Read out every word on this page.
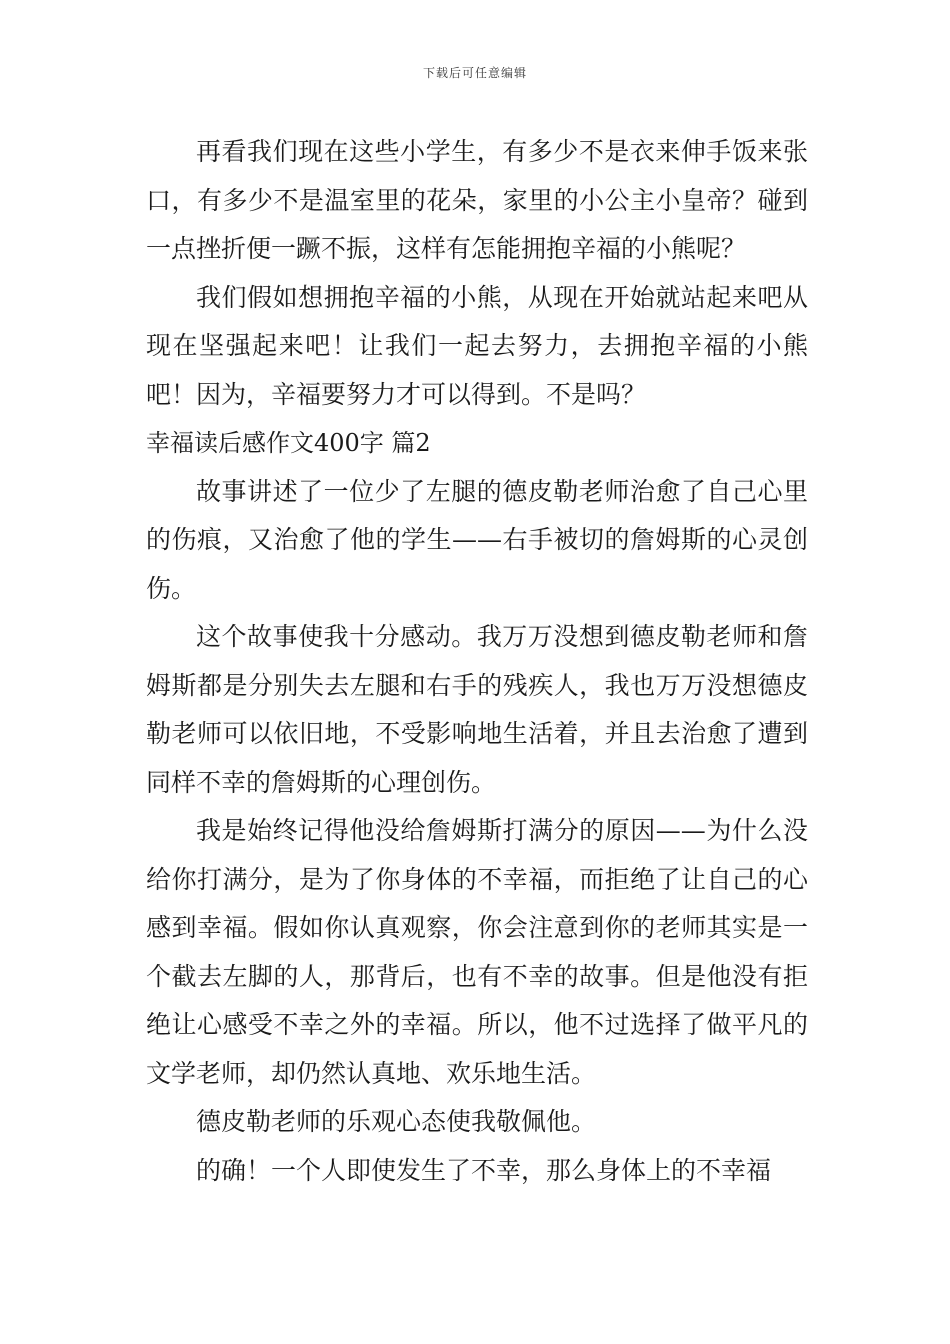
下载后可任意编辑

再看我们现在这些小学生，有多少不是衣来伸手饭来张口，有多少不是温室里的花朵，家里的小公主小皇帝？碰到一点挫折便一蹶不振，这样有怎能拥抱辛福的小熊呢？

我们假如想拥抱辛福的小熊，从现在开始就站起来吧从现在坚强起来吧！让我们一起去努力，去拥抱辛福的小熊吧！因为，辛福要努力才可以得到。不是吗？

幸福读后感作文400字 篇2

故事讲述了一位少了左腿的德皮勒老师治愈了自己心里的伤痕，又治愈了他的学生——右手被切的詹姆斯的心灵创伤。

这个故事使我十分感动。我万万没想到德皮勒老师和詹姆斯都是分别失去左腿和右手的残疾人，我也万万没想德皮勒老师可以依旧地，不受影响地生活着，并且去治愈了遭到同样不幸的詹姆斯的心理创伤。

我是始终记得他没给詹姆斯打满分的原因——为什么没给你打满分，是为了你身体的不幸福，而拒绝了让自己的心感到幸福。假如你认真观察，你会注意到你的老师其实是一个截去左脚的人，那背后，也有不幸的故事。但是他没有拒绝让心感受不幸之外的幸福。所以，他不过选择了做平凡的文学老师，却仍然认真地、欢乐地生活。

德皮勒老师的乐观心态使我敬佩他。

的确！一个人即使发生了不幸，那么身体上的不幸福
